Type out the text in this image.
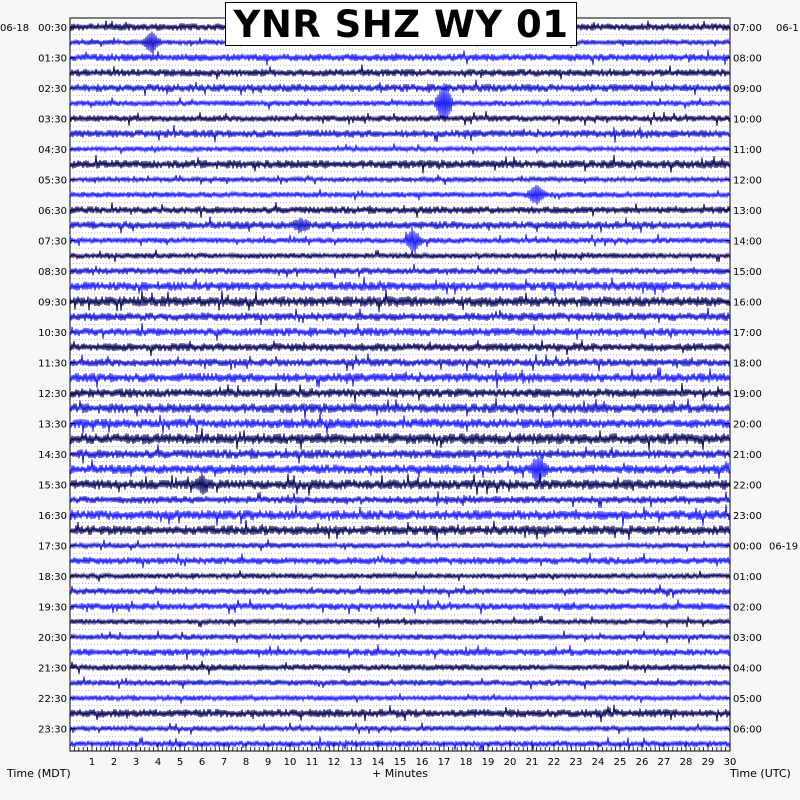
1 2 3 4 5 6 7 8 9 10 11 12 13 14 15 16 17 18 19 20 21 22 23 24 25 26 27 28 29 30
00:30
01:30
02:30
03:30
04:30
05:30
06:30
07:30
08:30
09:30
10:30
11:30
12:30
13:30
14:30
15:30
16:30
17:30
18:30
19:30
20:30
21:30
22:30
23:30
07:00
08:00
09:00
10:00
11:00
12:00
13:00
14:00
15:00
16:00
17:00
18:00
19:00
20:00
21:00
22:00
23:00
00:00
01:00
02:00
03:00
04:00
05:00
06:00
06-19
06-18	06-1
Time (MDT)	+ Minutes	Time (UTC)
YNR SHZ WY 01
